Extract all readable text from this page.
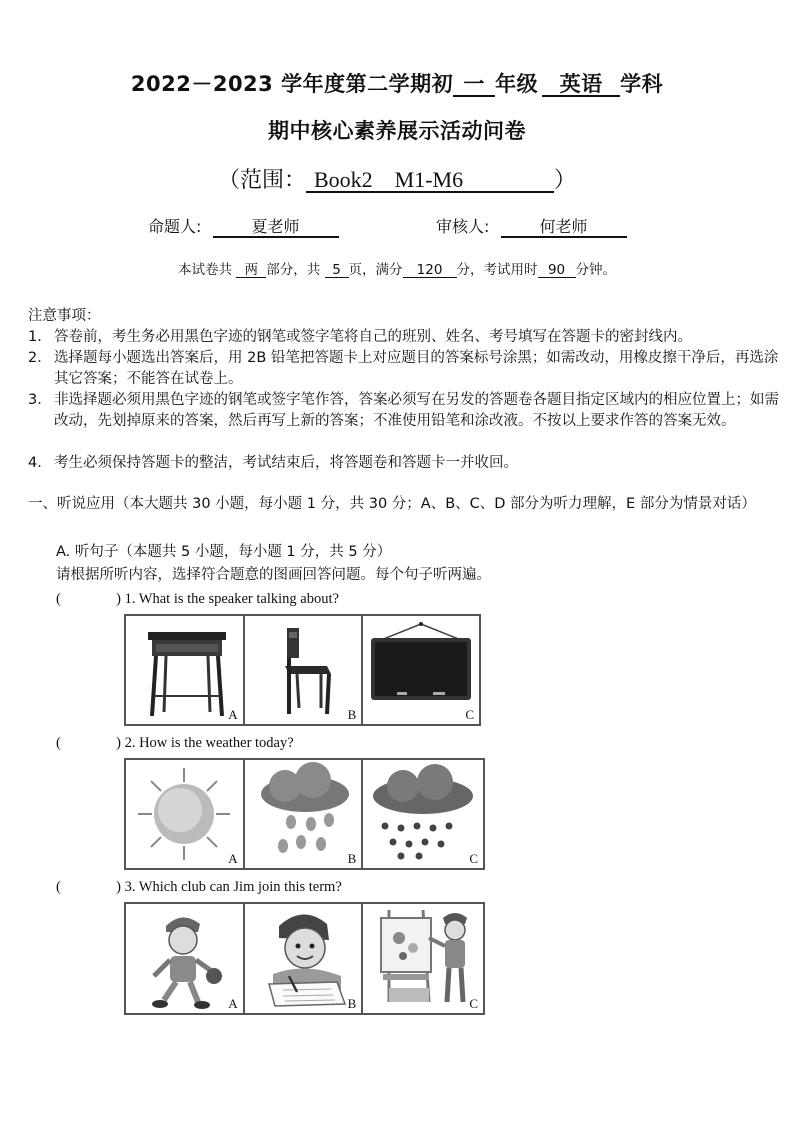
2022－2023 学年度第二学期初 一 年级 英语 学科
期中核心素养展示活动问卷
（范围： Book2　M1-M6	）
命题人:	夏老师	审核人:	何老师
本试卷共 两 部分，共 5 页，满分 120 分，考试用时 90 分钟。
注意事项：
1． 答卷前，考生务必用黑色字迹的钢笔或签字笔将自己的班别、姓名、考号填写在答题卡的密封线内。
2． 选择题每小题选出答案后，用 2B 铅笔把答题卡上对应题目的答案标号涂黑；如需改动，用橡皮擦干净后，再选涂其它答案；不能答在试卷上。
3． 非选择题必须用黑色字迹的钢笔或签字笔作答，答案必须写在另发的答题卷各题目指定区域内的相应位置上；如需改动，先划掉原来的答案，然后再写上新的答案；不准使用铅笔和涂改液。不按以上要求作答的答案无效。
4． 考生必须保持答题卡的整洁，考试结束后，将答题卷和答题卡一并收回。
一、听说应用（本大题共 30 小题，每小题 1 分，共 30 分；A、B、C、D 部分为听力理解，E 部分为情景对话）
A. 听句子（本题共 5 小题，每小题 1 分，共 5 分）
请根据所听内容，选择符合题意的图画回答问题。每个句子听两遍。
(	) 1. What is the speaker talking about?
A	B	C
(	) 2. How is the weather today?
A	B	C
(	) 3. Which club can Jim join this term?
A	B	C
